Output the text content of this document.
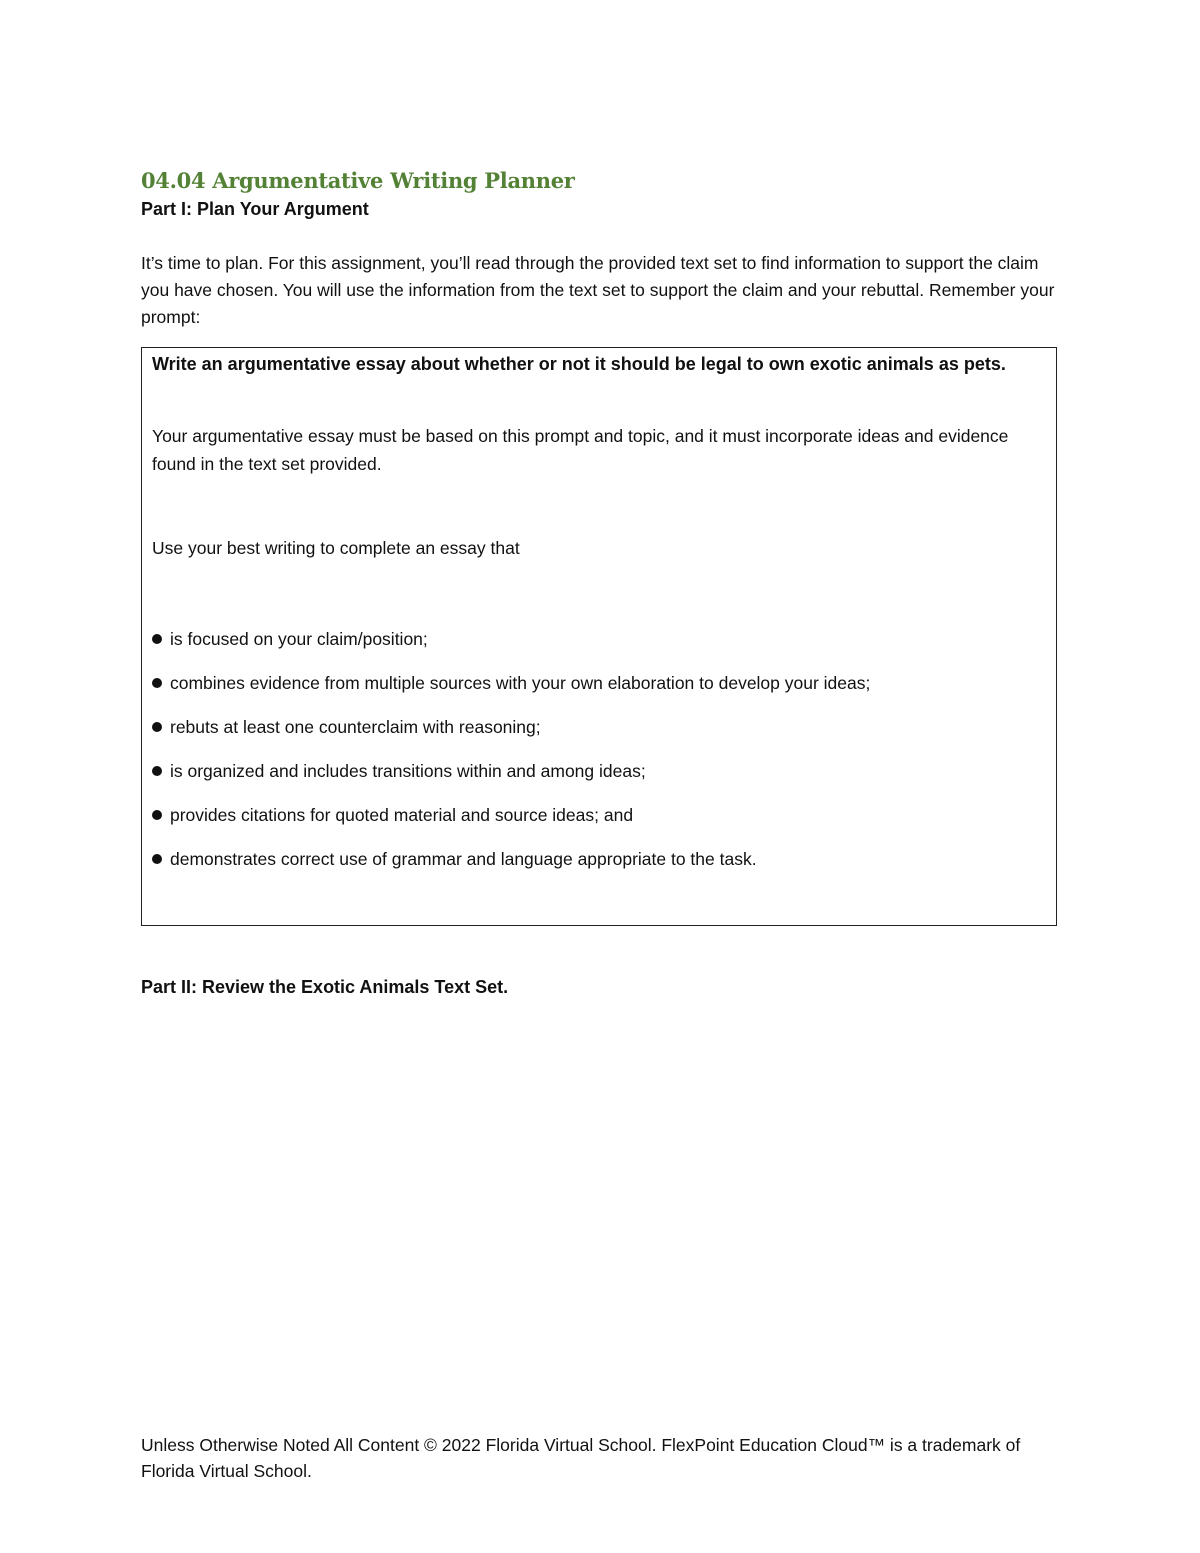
04.04 Argumentative Writing Planner
Part I: Plan Your Argument

It’s time to plan. For this assignment, you’ll read through the provided text set to find information to support the claim you have chosen. You will use the information from the text set to support the claim and your rebuttal. Remember your prompt:

Write an argumentative essay about whether or not it should be legal to own exotic animals as pets.

Your argumentative essay must be based on this prompt and topic, and it must incorporate ideas and evidence found in the text set provided.

Use your best writing to complete an essay that

is focused on your claim/position;
combines evidence from multiple sources with your own elaboration to develop your ideas;
rebuts at least one counterclaim with reasoning;
is organized and includes transitions within and among ideas;
provides citations for quoted material and source ideas; and
demonstrates correct use of grammar and language appropriate to the task.
Part II: Review the Exotic Animals Text Set.

Unless Otherwise Noted All Content © 2022 Florida Virtual School. FlexPoint Education Cloud™ is a trademark of Florida Virtual School.
